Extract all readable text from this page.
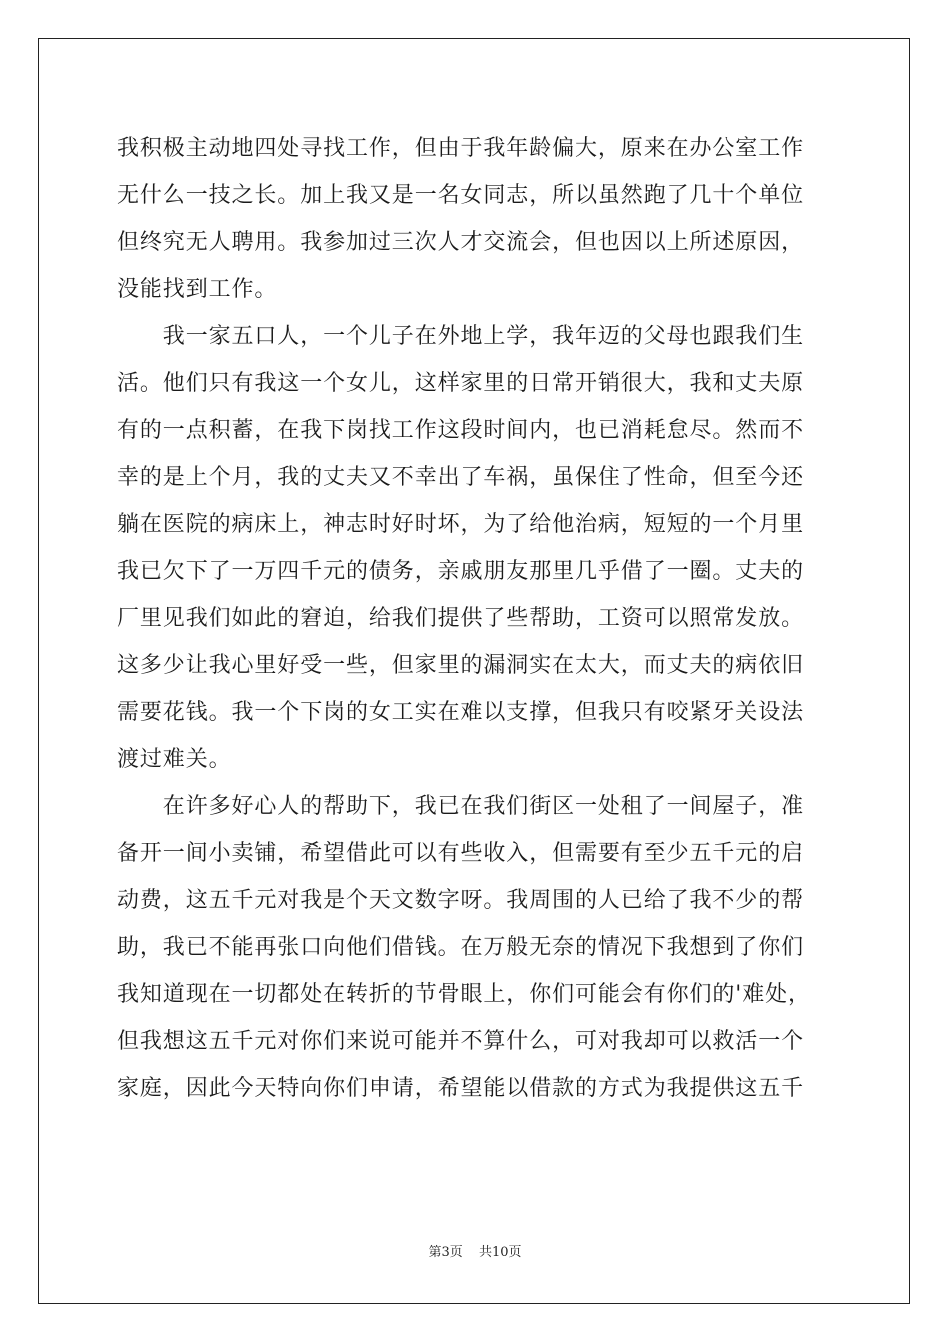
我积极主动地四处寻找工作，但由于我年龄偏大，原来在办公室工作
无什么一技之长。加上我又是一名女同志，所以虽然跑了几十个单位
但终究无人聘用。我参加过三次人才交流会，但也因以上所述原因，
没能找到工作。
　　我一家五口人，一个儿子在外地上学，我年迈的父母也跟我们生
活。他们只有我这一个女儿，这样家里的日常开销很大，我和丈夫原
有的一点积蓄，在我下岗找工作这段时间内，也已消耗怠尽。然而不
幸的是上个月，我的丈夫又不幸出了车祸，虽保住了性命，但至今还
躺在医院的病床上，神志时好时坏，为了给他治病，短短的一个月里
我已欠下了一万四千元的债务，亲戚朋友那里几乎借了一圈。丈夫的
厂里见我们如此的窘迫，给我们提供了些帮助，工资可以照常发放。
这多少让我心里好受一些，但家里的漏洞实在太大，而丈夫的病依旧
需要花钱。我一个下岗的女工实在难以支撑，但我只有咬紧牙关设法
渡过难关。
　　在许多好心人的帮助下，我已在我们街区一处租了一间屋子，准
备开一间小卖铺，希望借此可以有些收入，但需要有至少五千元的启
动费，这五千元对我是个天文数字呀。我周围的人已给了我不少的帮
助，我已不能再张口向他们借钱。在万般无奈的情况下我想到了你们
我知道现在一切都处在转折的节骨眼上，你们可能会有你们的'难处，
但我想这五千元对你们来说可能并不算什么，可对我却可以救活一个
家庭，因此今天特向你们申请，希望能以借款的方式为我提供这五千
第3页 共10页
